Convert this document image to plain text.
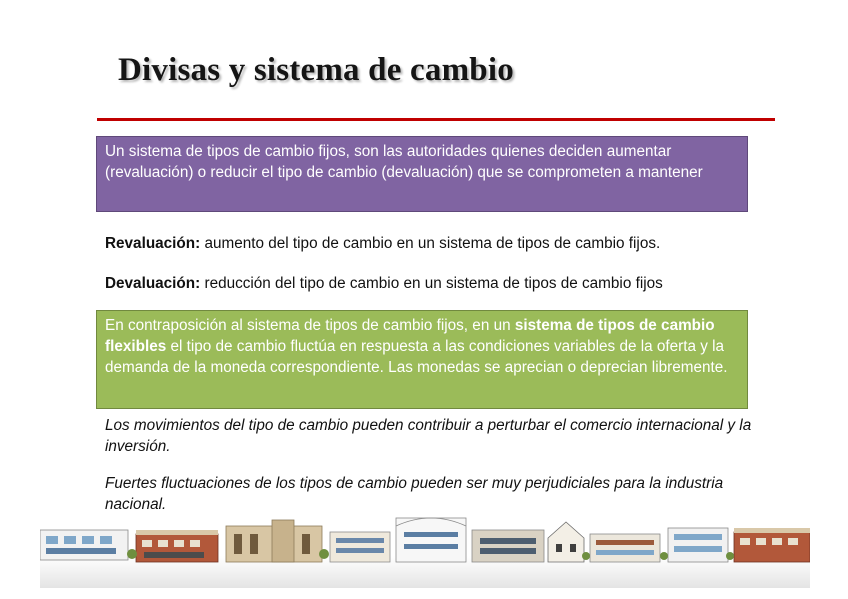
Divisas y sistema de cambio
Un sistema de tipos de cambio fijos, son las autoridades quienes deciden aumentar (revaluación) o reducir el tipo de cambio (devaluación) que se comprometen a mantener
Revaluación: aumento del tipo de cambio en un sistema de tipos de cambio fijos.
Devaluación: reducción del tipo de cambio en un sistema de tipos de cambio fijos
En contraposición al sistema de tipos de cambio fijos, en un sistema de tipos de cambio flexibles el tipo de cambio fluctúa en respuesta a las condiciones variables de la oferta y la demanda de la moneda correspondiente. Las monedas se aprecian o deprecian libremente.
Los movimientos del tipo de cambio pueden contribuir a perturbar el comercio internacional y la inversión.
Fuertes fluctuaciones de los tipos de cambio pueden ser muy perjudiciales para la industria nacional.
